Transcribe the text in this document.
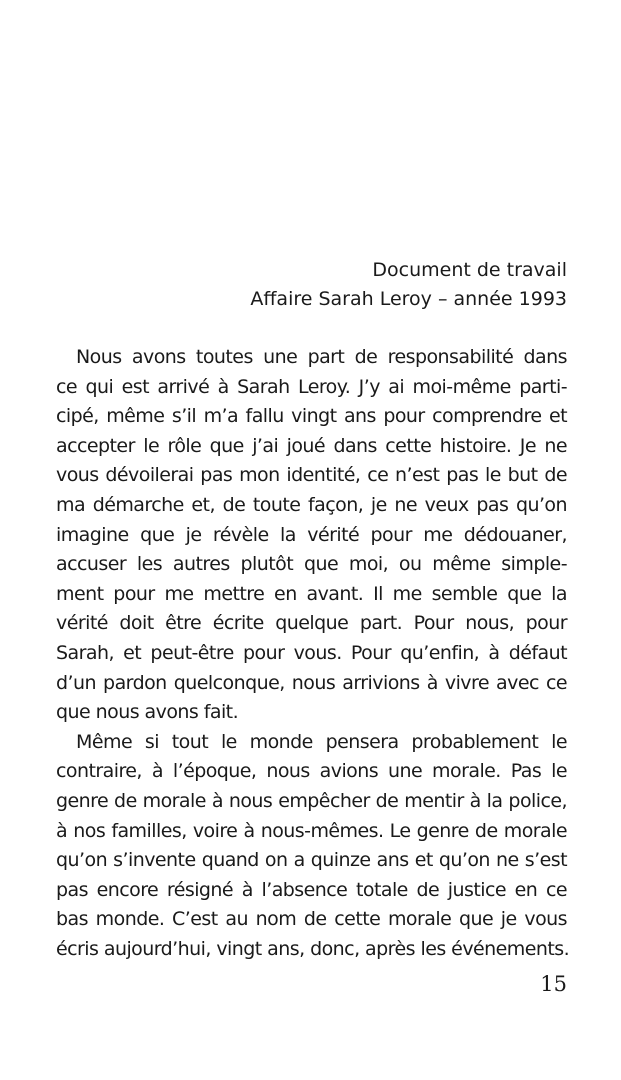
Document de travail
Affaire Sarah Leroy – année 1993
Nous avons toutes une part de responsabilité dans
ce qui est arrivé à Sarah Leroy. J’y ai moi-même parti-
cipé, même s’il m’a fallu vingt ans pour comprendre et
accepter le rôle que j’ai joué dans cette histoire. Je ne
vous dévoilerai pas mon identité, ce n’est pas le but de
ma démarche et, de toute façon, je ne veux pas qu’on
imagine que je révèle la vérité pour me dédouaner,
accuser les autres plutôt que moi, ou même simple-
ment pour me mettre en avant. Il me semble que la
vérité doit être écrite quelque part. Pour nous, pour
Sarah, et peut-être pour vous. Pour qu’enfin, à défaut
d’un pardon quelconque, nous arrivions à vivre avec ce
que nous avons fait.
Même si tout le monde pensera probablement le
contraire, à l’époque, nous avions une morale. Pas le
genre de morale à nous empêcher de mentir à la police,
à nos familles, voire à nous-mêmes. Le genre de morale
qu’on s’invente quand on a quinze ans et qu’on ne s’est
pas encore résigné à l’absence totale de justice en ce
bas monde. C’est au nom de cette morale que je vous
écris aujourd’hui, vingt ans, donc, après les événements.
15
